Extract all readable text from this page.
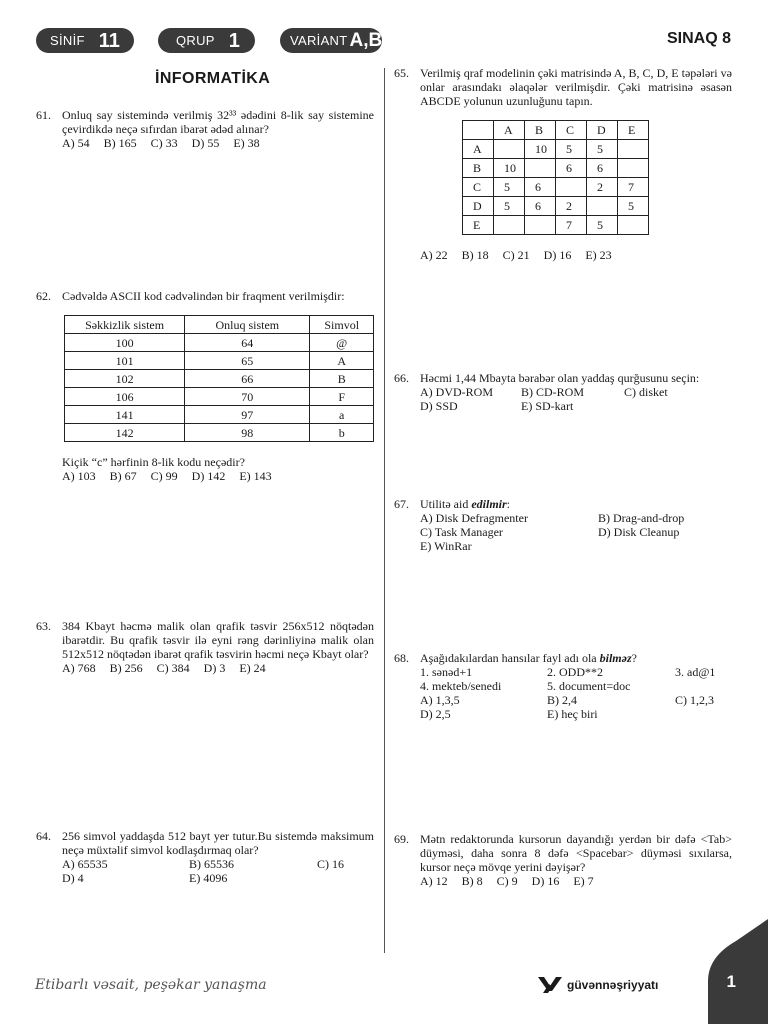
SİNİF 11	QRUP 1	VARİANT A,B	SINAQ 8
İNFORMATİKA
61. Onluq say sistemində verilmiş 32³³ ədədini 8-lik say sistemine çevirdikdə neçə sıfırdan ibarət ədəd alınar?
A) 54 B) 165 C) 33 D) 55 E) 38
62. Cədvəldə ASCII kod cədvəlindən bir fraqment verilmişdir:
Səkkizlik sistem	Onluq sistem	Simvol
100	64	@
101	65	A
102	66	B
106	70	F
141	97	a
142	98	b
Kiçik “c” hərfinin 8-lik kodu neçədir?
A) 103 B) 67 C) 99 D) 142 E) 143
63. 384 Kbayt həcmə malik olan qrafik təsvir 256x512 nöqtədən ibarətdir. Bu qrafik təsvir ilə eyni rəng dərinliyinə malik olan 512x512 nöqtədən ibarət qrafik təsvirin həcmi neçə Kbayt olar?
A) 768 B) 256 C) 384 D) 3 E) 24
64. 256 simvol yaddaşda 512 bayt yer tutur.Bu sistemdə maksimum neçə müxtəlif simvol kodlaşdırmaq olar?
A) 65535	B) 65536	C) 16
D) 4	E) 4096
65. Verilmiş qraf modelinin çəki matrisində A, B, C, D, E təpələri və onlar arasındakı əlaqələr verilmişdir. Çəki matrisinə əsasən ABCDE yolunun uzunluğunu tapın.
	A	B	C	D	E
A		10	5	5	
B	10		6	6	
C	5	6		2	7
D	5	6	2		5
E			7	5	
A) 22 B) 18 C) 21 D) 16 E) 23
66. Həcmi 1,44 Mbayta bərabər olan yaddaş qurğusunu seçin:
A) DVD-ROM	B) CD-ROM	C) disket
D) SSD	E) SD-kart
67. Utilitə aid edilmir:
A) Disk Defragmenter	B) Drag-and-drop
C) Task Manager	D) Disk Cleanup
E) WinRar
68. Aşağıdakılardan hansılar fayl adı ola bilməz?
1. sənəd+1	2. ODD**2	3. ad@1
4. mekteb/senedi	5. document=doc
A) 1,3,5	B) 2,4	C) 1,2,3
D) 2,5	E) heç biri
69. Mətn redaktorunda kursorun dayandığı yerdən bir dəfə <Tab> düyməsi, daha sonra 8 dəfə <Spacebar> düyməsi sıxılarsa, kursor neçə mövqe yerini dəyişər?
A) 12 B) 8 C) 9 D) 16 E) 7
Etibarlı vəsait, peşəkar yanaşma	güvənnəşriyyatı	1
